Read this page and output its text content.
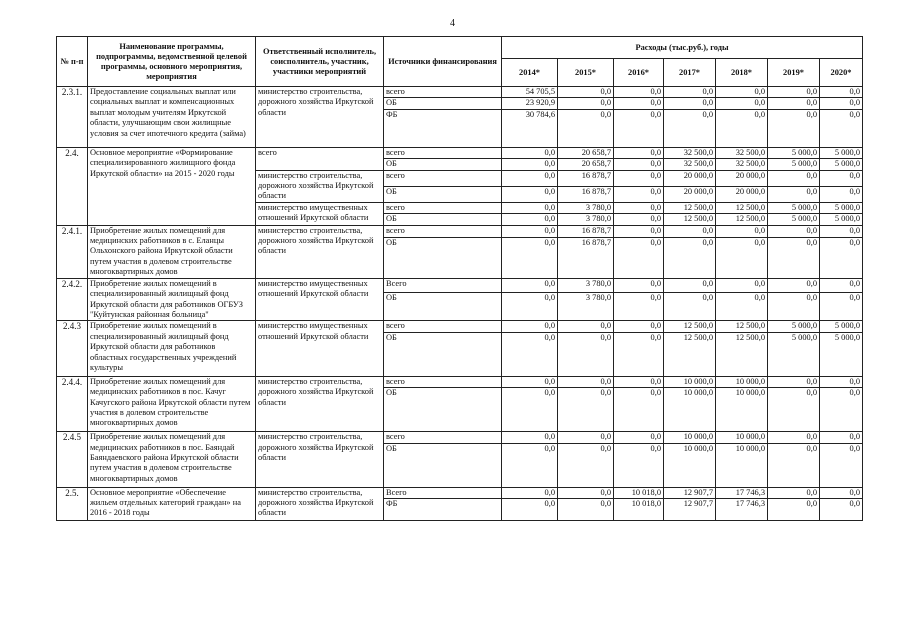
4
№ п-п	Наименование программы, подпрограммы, ведомственной целевой программы, основного мероприятия, мероприятия	Ответственный исполнитель, соисполнитель, участник, участники мероприятий	Источники финансирования	Расходы (тыс.руб.), годы						
				2014*	2015*	2016*	2017*	2018*	2019*	2020*
2.3.1.	Предоставление социальных выплат или социальных выплат и компенсационных выплат молодым учителям Иркутской области, улучшающим свои жилищные условия за счет ипотечного кредита (займа)	министерство строительства, дорожного хозяйства Иркутской области	всего	54 705,5	0,0	0,0	0,0	0,0	0,0	0,0
			ОБ	23 920,9	0,0	0,0	0,0	0,0	0,0	0,0
			ФБ	30 784,6	0,0	0,0	0,0	0,0	0,0	0,0
2.4.	Основное мероприятие «Формирование специализированного жилищного фонда Иркутской области» на 2015 - 2020 годы	всего	всего	0,0	20 658,7	0,0	32 500,0	32 500,0	5 000,0	5 000,0
			ОБ	0,0	20 658,7	0,0	32 500,0	32 500,0	5 000,0	5 000,0
		министерство строительства, дорожного хозяйства Иркутской области	всего	0,0	16 878,7	0,0	20 000,0	20 000,0	0,0	0,0
			ОБ	0,0	16 878,7	0,0	20 000,0	20 000,0	0,0	0,0
		министерство имущественных отношений Иркутской области	всего	0,0	3 780,0	0,0	12 500,0	12 500,0	5 000,0	5 000,0
			ОБ	0,0	3 780,0	0,0	12 500,0	12 500,0	5 000,0	5 000,0
2.4.1.	Приобретение жилых помещений для медицинских работников в с. Еланцы Ольхонского района Иркутской области путем участия в долевом строительстве многоквартирных домов	министерство строительства, дорожного хозяйства Иркутской области	всего	0,0	16 878,7	0,0	0,0	0,0	0,0	0,0
			ОБ	0,0	16 878,7	0,0	0,0	0,0	0,0	0,0
2.4.2.	Приобретение жилых помещений в специализированный жилищный фонд Иркутской области для работников ОГБУЗ "Куйтунская районная больница"	министерство имущественных отношений Иркутской области	Всего	0,0	3 780,0	0,0	0,0	0,0	0,0	0,0
			ОБ	0,0	3 780,0	0,0	0,0	0,0	0,0	0,0
2.4.3	Приобретение жилых помещений в специализированный жилищный фонд Иркутской области для работников областных государственных учреждений культуры	министерство имущественных отношений Иркутской области	всего	0,0	0,0	0,0	12 500,0	12 500,0	5 000,0	5 000,0
			ОБ	0,0	0,0	0,0	12 500,0	12 500,0	5 000,0	5 000,0
2.4.4.	Приобретение жилых помещений для медицинских работников в пос. Качуг Качугского района Иркутской области путем участия в долевом строительстве многоквартирных домов	министерство строительства, дорожного хозяйства Иркутской области	всего	0,0	0,0	0,0	10 000,0	10 000,0	0,0	0,0
			ОБ	0,0	0,0	0,0	10 000,0	10 000,0	0,0	0,0
2.4.5	Приобретение жилых помещений для медицинских работников в пос. Баяндай Баяндаевского района Иркутской области путем участия в долевом строительстве многоквартирных домов	министерство строительства, дорожного хозяйства Иркутской области	всего	0,0	0,0	0,0	10 000,0	10 000,0	0,0	0,0
			ОБ	0,0	0,0	0,0	10 000,0	10 000,0	0,0	0,0
2.5.	Основное мероприятие «Обеспечение жильем отдельных категорий граждан» на 2016 - 2018 годы	министерство строительства, дорожного хозяйства Иркутской области	Всего	0,0	0,0	10 018,0	12 907,7	17 746,3	0,0	0,0
			ФБ	0,0	0,0	10 018,0	12 907,7	17 746,3	0,0	0,0
